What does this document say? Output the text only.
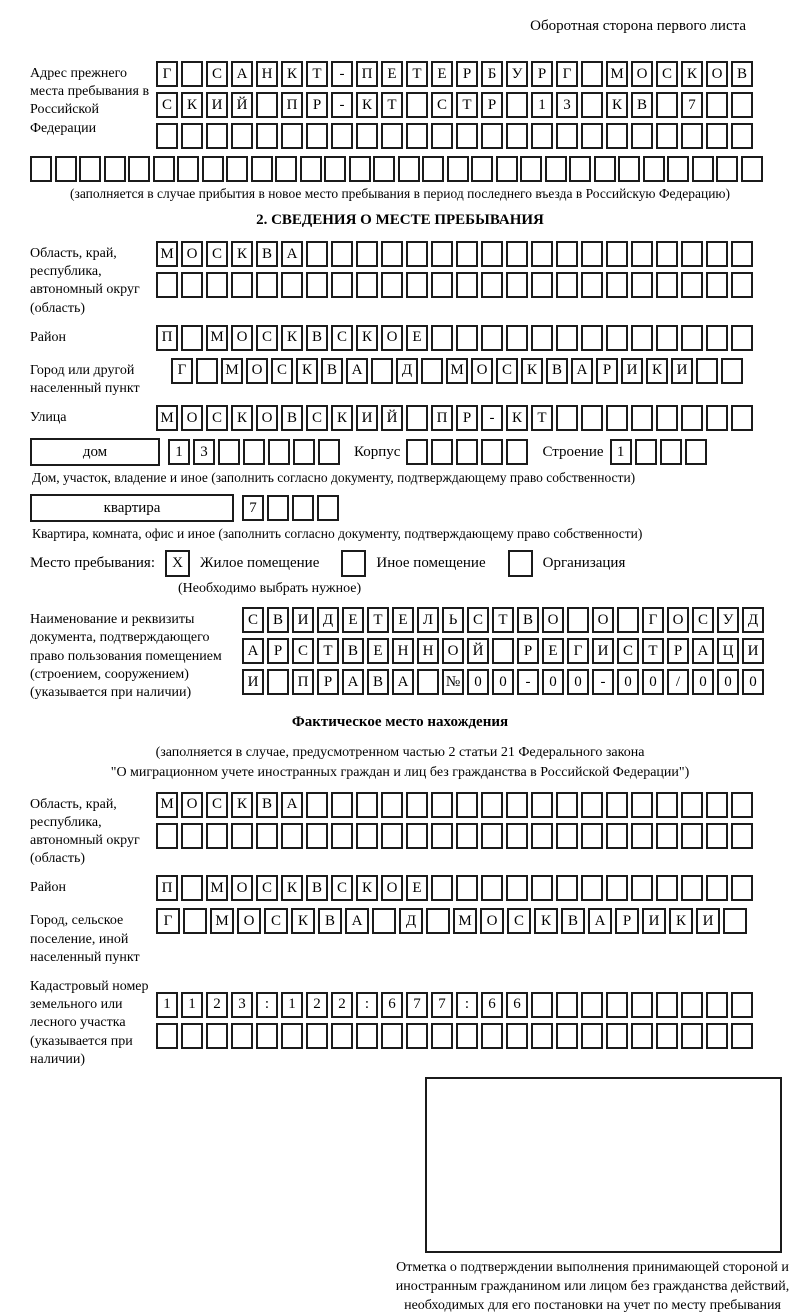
Оборотная сторона первого листа
Адрес прежнего места пребывания в Российской Федерации
Г	С А Н К	Т	-	П Е	Т	Е	Р	Б	У	Р	Г	М О С К О В
С К И Й	П	Р	-	К	Т	С	Т	Р	1	3	К В	7
(заполняется в случае прибытия в новое место пребывания в период последнего въезда в Российскую Федерацию)
2. СВЕДЕНИЯ О МЕСТЕ ПРЕБЫВАНИЯ
Область, край, республика, автономный округ (область)
М О С К В А
Район	П	М О С К В С К О Е
Город или другой населенный пункт
Г	М О С К В А	Д	М О С К В А	Р	И К И
Улица	М О С К О В С К И Й	П	Р	-	К	Т
дом	1	3	Корпус	Строение 1
Дом, участок, владение и иное (заполнить согласно документу, подтверждающему право собственности)
квартира	7
Квартира, комната, офис и иное (заполнить согласно документу, подтверждающему право собственности)
Место пребывания:	X	Жилое помещение	Иное помещение	Организация
(Необходимо выбрать нужное)
Наименование и реквизиты документа, подтверждающего право пользования помещением (строением, сооружением) (указывается при наличии)
С В И Д	Е	Т	Е	Л	Ь	С	Т	В О	О	Г	О С У Д
А	Р	С	Т	В	Е	Н Н О Й	Р	Е	Г	И С	Т	Р	А Ц И
И	П	Р	А В А	№ 0	0	-	0	0	-	0	0	/	0	0	0
Фактическое место нахождения
(заполняется в случае, предусмотренном частью 2 статьи 21 Федерального закона
"О миграционном учете иностранных граждан и лиц без гражданства в Российской Федерации")
Область, край, республика, автономный округ (область)
М О С К В А
Район	П	М О С К В С К О Е
Город, сельское поселение, иной населенный пункт
Г	М О	С	К	В	А	Д	М О	С	К	В	А	Р	И	К	И
Кадастровый номер земельного или лесного участка (указывается при наличии)
1	1	2	3	:	1	2	2	:	6	7	7	:	6	6
Отметка о подтверждении выполнения принимающей стороной и иностранным гражданином или лицом без гражданства действий, необходимых для его постановки на учет по месту пребывания
